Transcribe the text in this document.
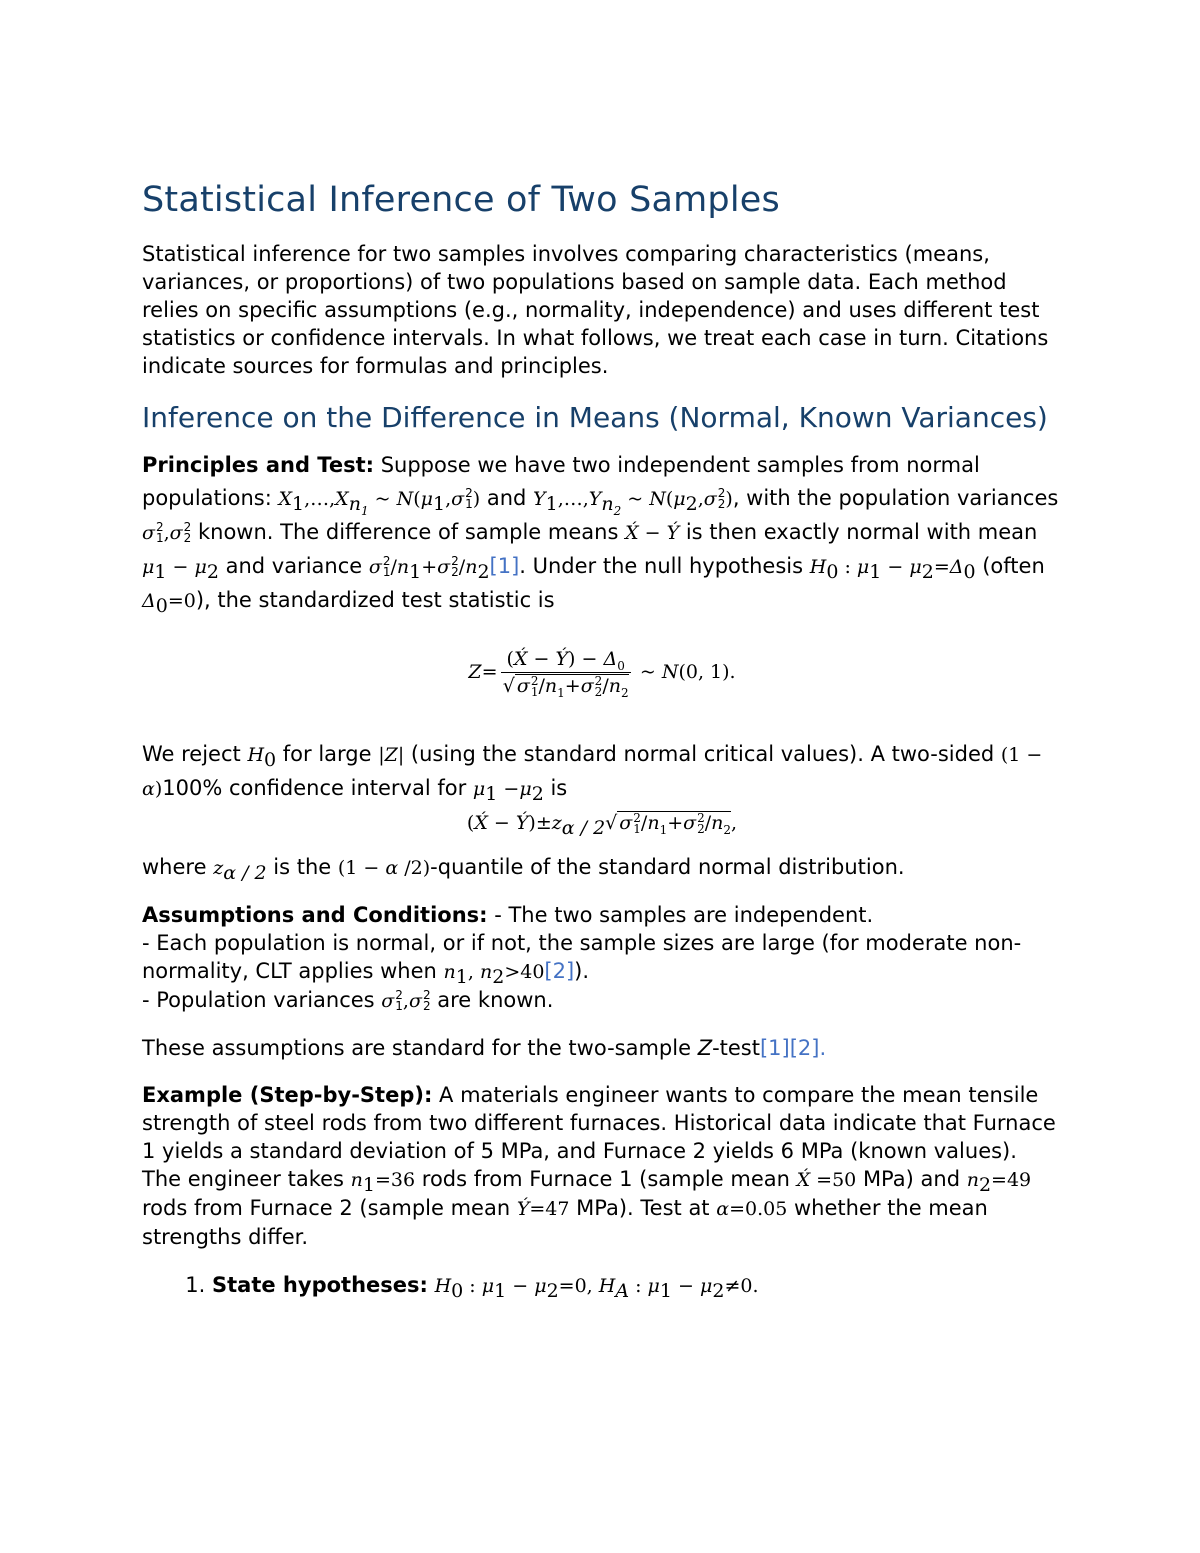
Statistical Inference of Two Samples

Statistical inference for two samples involves comparing characteristics (means, variances, or proportions) of two populations based on sample data. Each method relies on specific assumptions (e.g., normality, independence) and uses different test statistics or confidence intervals. In what follows, we treat each case in turn. Citations indicate sources for formulas and principles.

Inference on the Difference in Means (Normal, Known Variances)

Principles and Test: Suppose we have two independent samples from normal populations: $X_1,\dots,X_{n_1}$ ~ $N(\mu_1,\sigma$ 2
1 ) and $Y_1,\dots,Y_{n_2}$ ~ $N(\mu_2,\sigma$ 2
2 ), with the population variances σ 2
1 ,σ 2
2 known. The difference of sample means X́ − Ý is then exactly normal with mean $\mu_1 - \mu_2$ and variance σ 2
1 $/n_1+\sigma$ 2
2 $/n_2[1]$. Under the null hypothesis $H_0$ : $\mu_1 - \mu_2=\Delta_0$ (often $\Delta_0=0$), the standardized test statistic is

Z= (X́ − Ý) − $\Delta_0$
√ σ 2
1 $/n_1+\sigma$ 2
2 $/n_2$ ~ N(0, 1).

We reject $H_0$ for large |Z| (using the standard normal critical values). A two-sided (1 − α)100% confidence interval for $\mu_1 -\mu_2$ is

(X́ − $Ý)\pm z_{\alpha / 2}√$ σ 2
1 $/n_1+\sigma$ 2
2 $/n_2$,

where $z_{\alpha / 2}$ is the (1 − α /2)-quantile of the standard normal distribution.

Assumptions and Conditions: - The two samples are independent.
- Each population is normal, or if not, the sample sizes are large (for moderate non-normality, CLT applies when $n_1$, $n_2>40[2]$).
- Population variances σ 2
1 ,σ 2
2 are known.

These assumptions are standard for the two-sample Z-test[1][2].

Example (Step-by-Step): A materials engineer wants to compare the mean tensile strength of steel rods from two different furnaces. Historical data indicate that Furnace 1 yields a standard deviation of 5 MPa, and Furnace 2 yields 6 MPa (known values). The engineer takes $n_1=36$ rods from Furnace 1 (sample mean X́ =50 MPa) and $n_2=49$ rods from Furnace 2 (sample mean Ý=47 MPa). Test at α=0.05 whether the mean strengths differ.

1. State hypotheses: $H_0$ : $\mu_1 - \mu_2=0$, $H_A$ : $\mu_1 - \mu_2\ne 0$.
